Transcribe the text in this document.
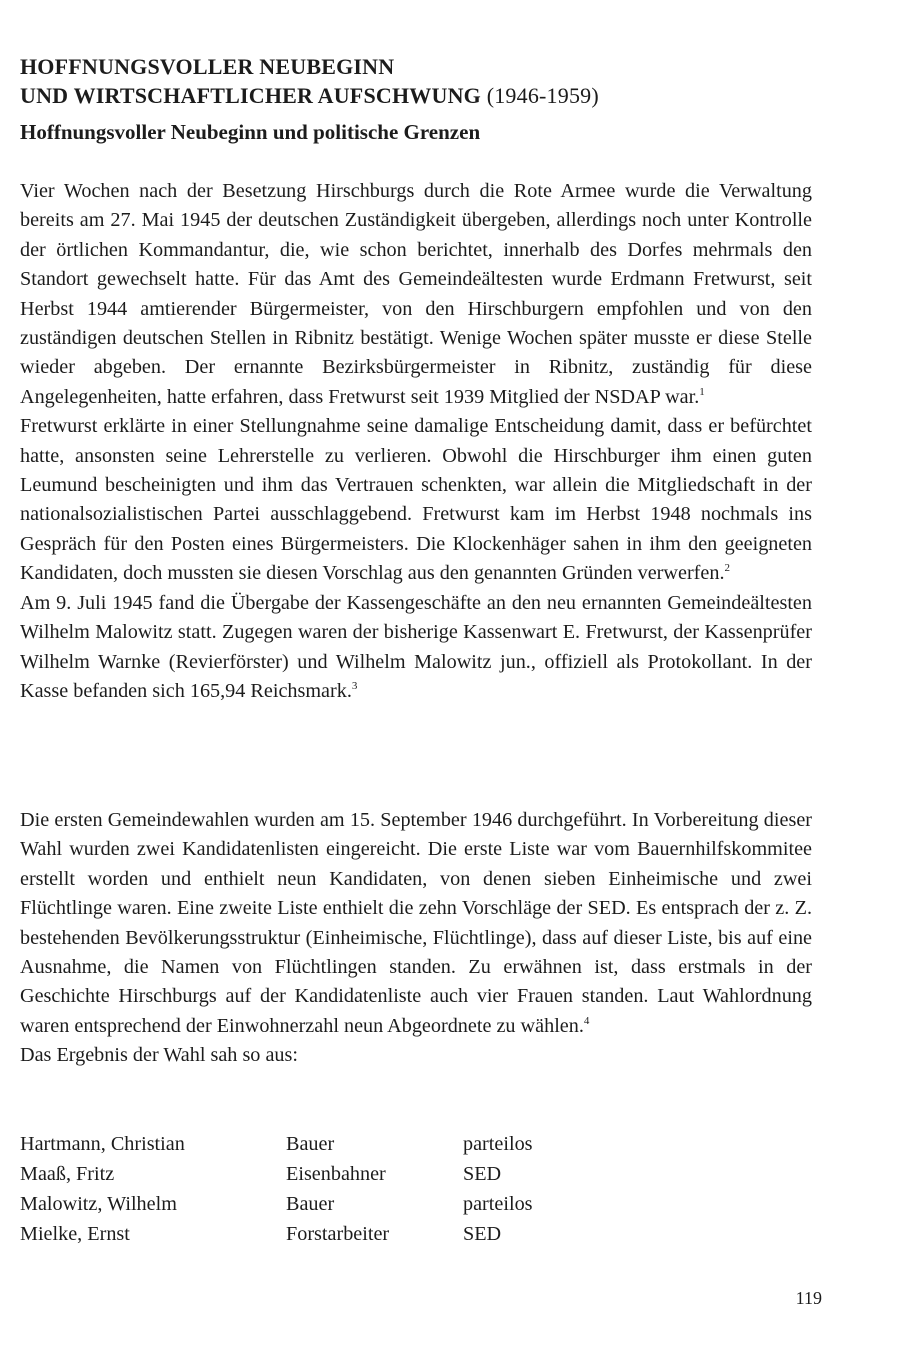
HOFFNUNGSVOLLER NEUBEGINN
UND WIRTSCHAFTLICHER AUFSCHWUNG (1946-1959)
Hoffnungsvoller Neubeginn und politische Grenzen

Vier Wochen nach der Besetzung Hirschburgs durch die Rote Armee wurde die Verwaltung bereits am 27. Mai 1945 der deutschen Zuständigkeit übergeben, allerdings noch unter Kontrolle der örtlichen Kommandantur, die, wie schon berichtet, innerhalb des Dorfes mehrmals den Standort gewechselt hatte. Für das Amt des Gemeindeältesten wurde Erdmann Fretwurst, seit Herbst 1944 amtierender Bürgermeister, von den Hirschburgern empfohlen und von den zuständigen deutschen Stellen in Ribnitz bestätigt. Wenige Wochen später musste er diese Stelle wieder abgeben. Der ernannte Bezirksbürgermeister in Ribnitz, zuständig für diese Angelegenheiten, hatte erfahren, dass Fretwurst seit 1939 Mitglied der NSDAP war.$^1$

Fretwurst erklärte in einer Stellungnahme seine damalige Entscheidung damit, dass er befürchtet hatte, ansonsten seine Lehrerstelle zu verlieren. Obwohl die Hirschburger ihm einen guten Leumund bescheinigten und ihm das Vertrauen schenkten, war allein die Mitgliedschaft in der nationalsozialistischen Partei ausschlaggebend. Fretwurst kam im Herbst 1948 nochmals ins Gespräch für den Posten eines Bürgermeisters. Die Klockenhäger sahen in ihm den geeigneten Kandidaten, doch mussten sie diesen Vorschlag aus den genannten Gründen verwerfen.$^2$

Am 9. Juli 1945 fand die Übergabe der Kassengeschäfte an den neu ernannten Gemeindeältesten Wilhelm Malowitz statt. Zugegen waren der bisherige Kassenwart E. Fretwurst, der Kassenprüfer Wilhelm Warnke (Revierförster) und Wilhelm Malowitz jun., offiziell als Protokollant. In der Kasse befanden sich 165,94 Reichsmark.$^3$

Die ersten Gemeindewahlen wurden am 15. September 1946 durchgeführt. In Vorbereitung dieser Wahl wurden zwei Kandidatenlisten eingereicht. Die erste Liste war vom Bauernhilfskommitee erstellt worden und enthielt neun Kandidaten, von denen sieben Einheimische und zwei Flüchtlinge waren. Eine zweite Liste enthielt die zehn Vorschläge der SED. Es entsprach der z. Z. bestehenden Bevölkerungsstruktur (Einheimische, Flüchtlinge), dass auf dieser Liste, bis auf eine Ausnahme, die Namen von Flüchtlingen standen. Zu erwähnen ist, dass erstmals in der Geschichte Hirschburgs auf der Kandidatenliste auch vier Frauen standen. Laut Wahlordnung waren entsprechend der Einwohnerzahl neun Abgeordnete zu wählen.$^4$

Das Ergebnis der Wahl sah so aus:

Hartmann, Christian	Bauer	parteilos
Maaß, Fritz	Eisenbahner	SED
Malowitz, Wilhelm	Bauer	parteilos
Mielke, Ernst	Forstarbeiter	SED
119
